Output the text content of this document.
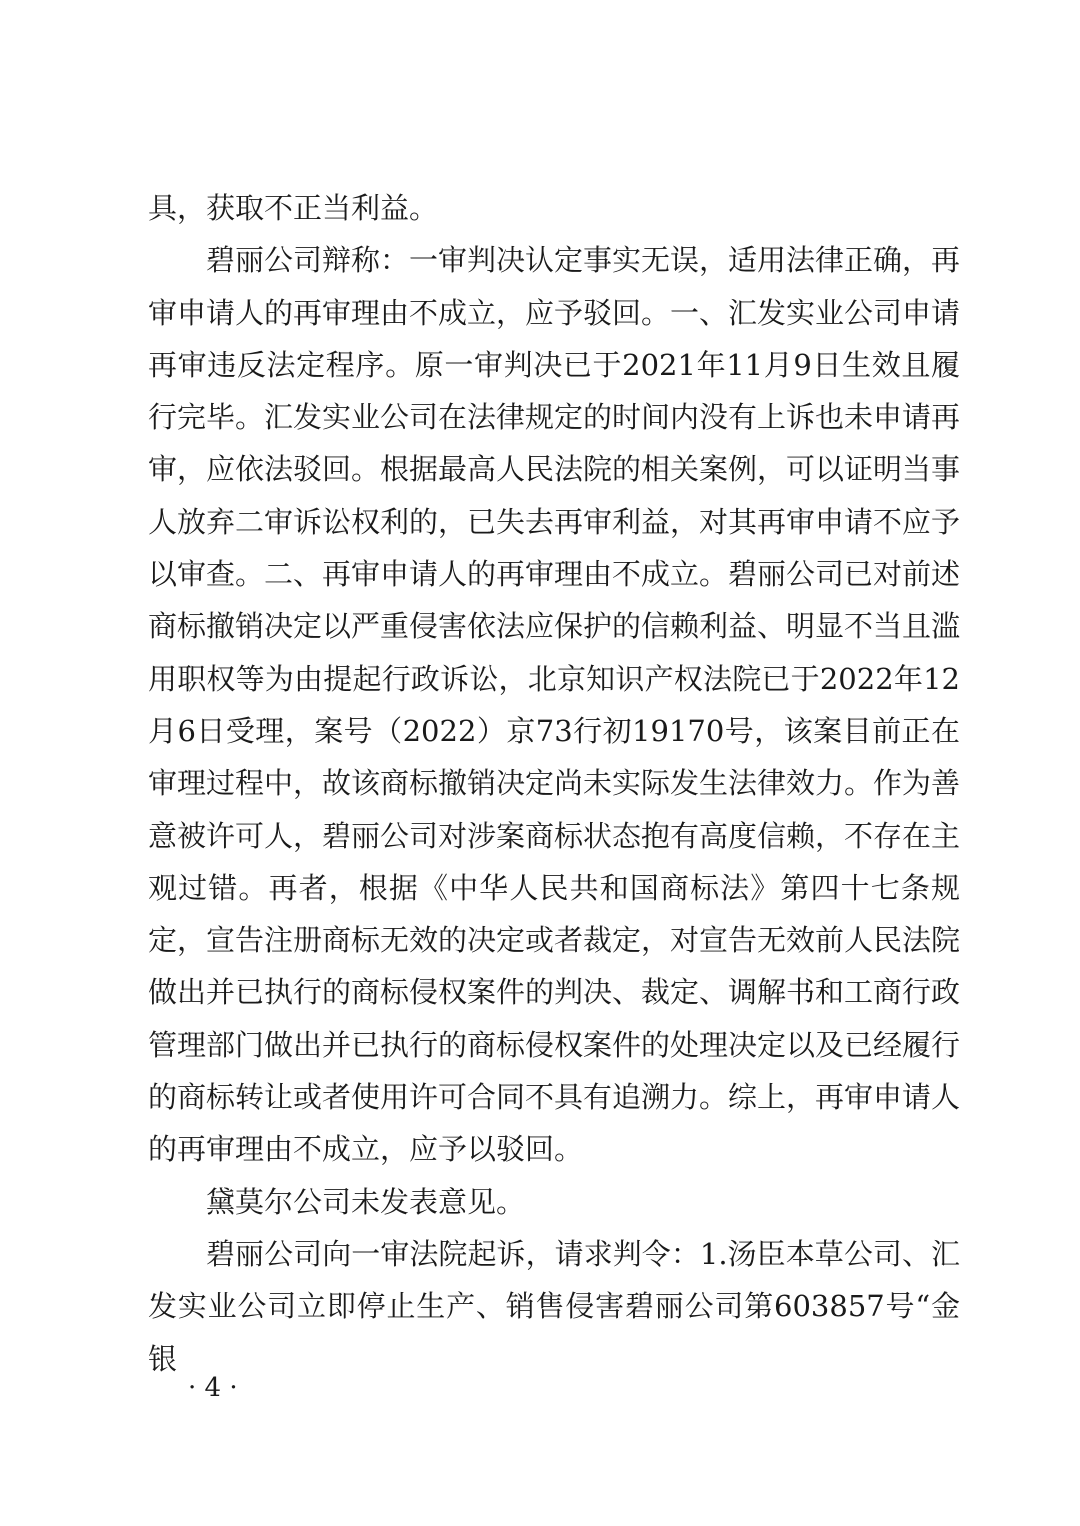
具，获取不正当利益。

碧丽公司辩称：一审判决认定事实无误，适用法律正确，再审申请人的再审理由不成立，应予驳回。一、汇发实业公司申请再审违反法定程序。原一审判决已于2021年11月9日生效且履行完毕。汇发实业公司在法律规定的时间内没有上诉也未申请再审，应依法驳回。根据最高人民法院的相关案例，可以证明当事人放弃二审诉讼权利的，已失去再审利益，对其再审申请不应予以审查。二、再审申请人的再审理由不成立。碧丽公司已对前述商标撤销决定以严重侵害依法应保护的信赖利益、明显不当且滥用职权等为由提起行政诉讼，北京知识产权法院已于2022年12月6日受理，案号（2022）京73行初19170号，该案目前正在审理过程中，故该商标撤销决定尚未实际发生法律效力。作为善意被许可人，碧丽公司对涉案商标状态抱有高度信赖，不存在主观过错。再者，根据《中华人民共和国商标法》第四十七条规定，宣告注册商标无效的决定或者裁定，对宣告无效前人民法院做出并已执行的商标侵权案件的判决、裁定、调解书和工商行政管理部门做出并已执行的商标侵权案件的处理决定以及已经履行的商标转让或者使用许可合同不具有追溯力。综上，再审申请人的再审理由不成立，应予以驳回。

黛莫尔公司未发表意见。

碧丽公司向一审法院起诉，请求判令：1.汤臣本草公司、汇发实业公司立即停止生产、销售侵害碧丽公司第603857号“金银

· 4 ·
